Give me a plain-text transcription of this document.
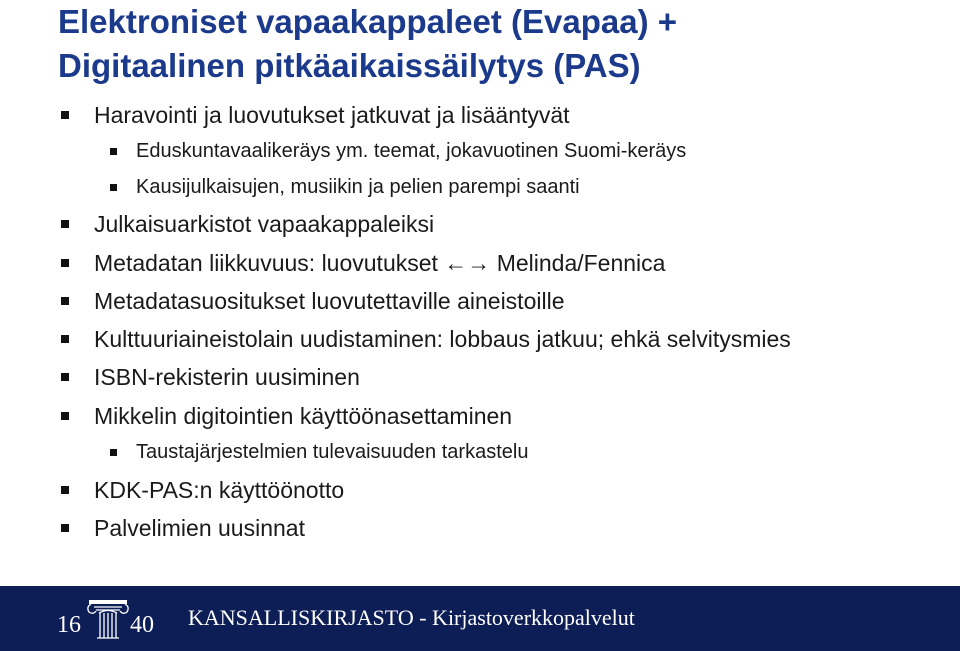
Elektroniset vapaakappaleet (Evapaa) +
Digitaalinen pitkäaikaissäilytys (PAS)
Haravointi ja luovutukset jatkuvat ja lisääntyvät
Eduskuntavaalikeräys ym. teemat, jokavuotinen Suomi-keräys
Kausijulkaisujen, musiikin ja pelien parempi saanti
Julkaisuarkistot vapaakappaleiksi
Metadatan liikkuvuus: luovutukset ←→ Melinda/Fennica
Metadatasuositukset luovutettaville aineistoille
Kulttuuriaineistolain uudistaminen: lobbaus jatkuu; ehkä selvitysmies
ISBN-rekisterin uusiminen
Mikkelin digitointien käyttöönasettaminen
Taustajärjestelmien tulevaisuuden tarkastelu
KDK-PAS:n käyttöönotto
Palvelimien uusinnat
16 40 KANSALLISKIRJASTO - Kirjastoverkkopalvelut
